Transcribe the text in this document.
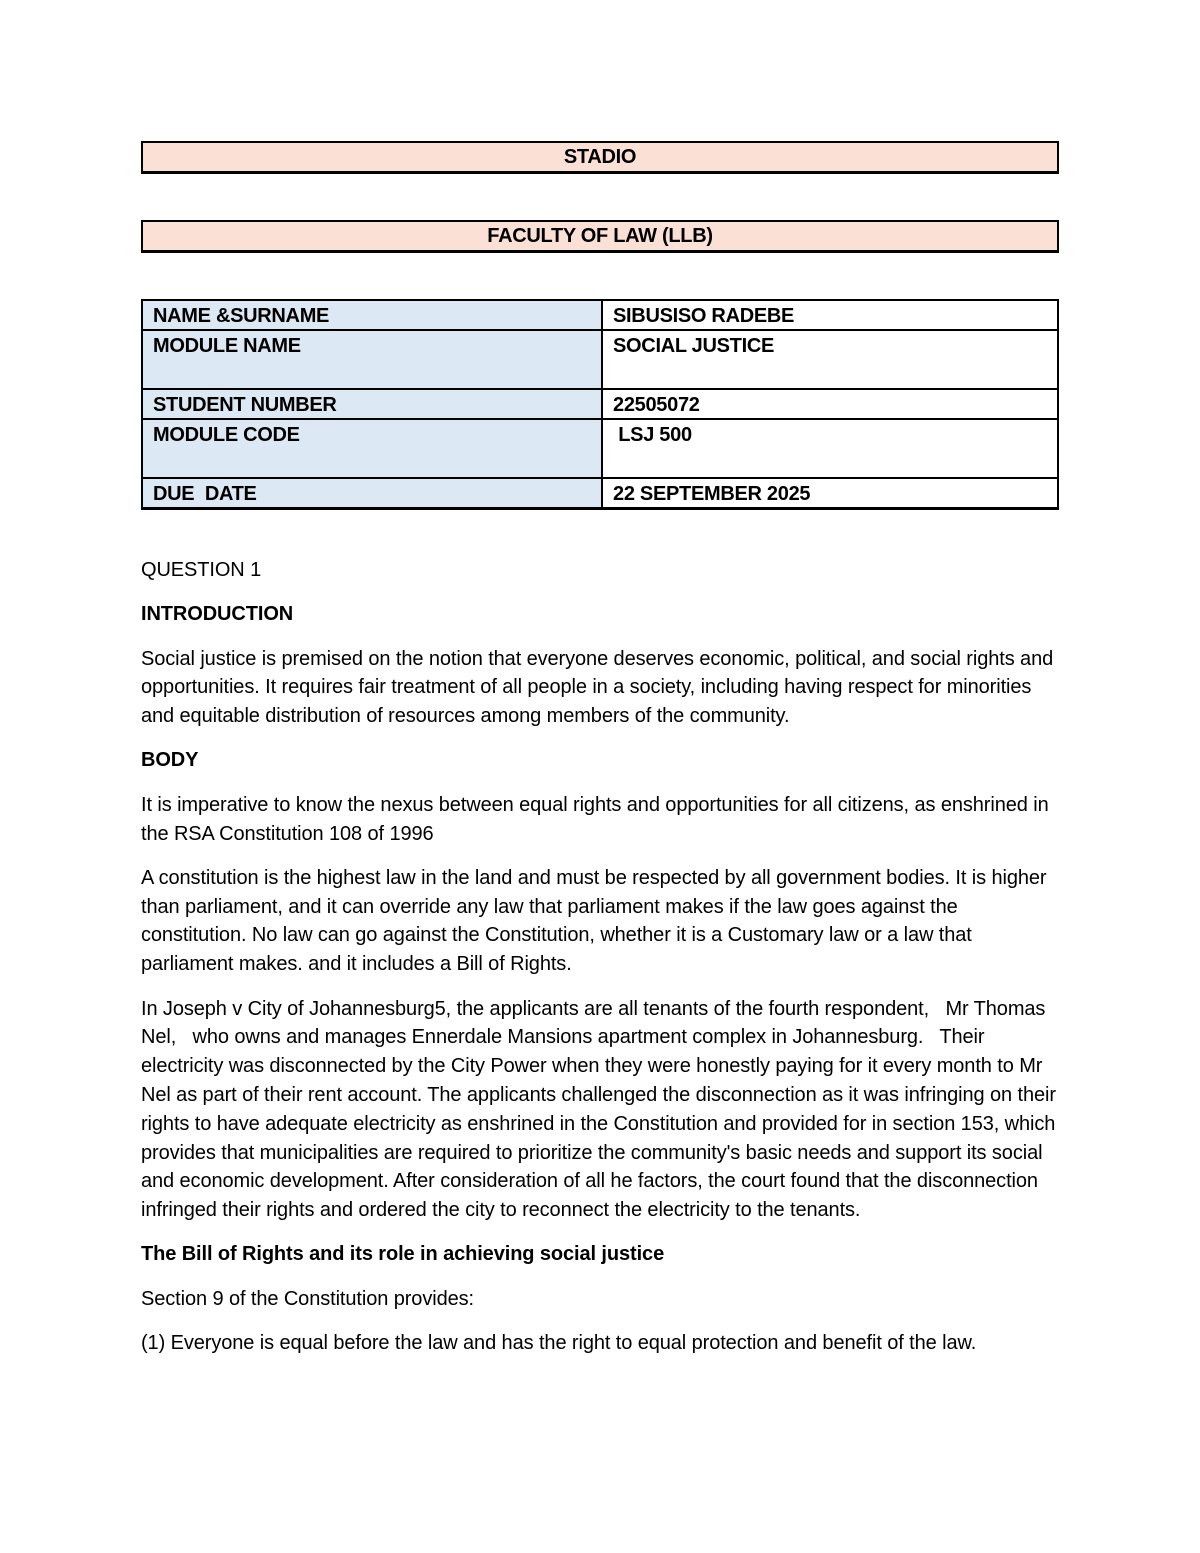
STADIO
FACULTY OF LAW (LLB)
NAME &SURNAME	SIBUSISO RADEBE
MODULE NAME	SOCIAL JUSTICE
STUDENT NUMBER	22505072
MODULE CODE	LSJ 500
DUE  DATE	22 SEPTEMBER 2025

QUESTION 1

INTRODUCTION

Social justice is premised on the notion that everyone deserves economic, political, and social rights and opportunities. It requires fair treatment of all people in a society, including having respect for minorities and equitable distribution of resources among members of the community.

BODY

It is imperative to know the nexus between equal rights and opportunities for all citizens, as enshrined in the RSA Constitution 108 of 1996

A constitution is the highest law in the land and must be respected by all government bodies. It is higher than parliament, and it can override any law that parliament makes if the law goes against the constitution. No law can go against the Constitution, whether it is a Customary law or a law that parliament makes. and it includes a Bill of Rights.

In Joseph v City of Johannesburg5, the applicants are all tenants of the fourth respondent,   Mr Thomas   Nel,   who owns and manages Ennerdale Mansions apartment complex in Johannesburg.   Their electricity was disconnected by the City Power when they were honestly paying for it every month to Mr Nel as part of their rent account. The applicants challenged the disconnection as it was infringing on their rights to have adequate electricity as enshrined in the Constitution and provided for in section 153, which provides that municipalities are required to prioritize the community's basic needs and support its social and economic development. After consideration of all he factors, the court found that the disconnection infringed their rights and ordered the city to reconnect the electricity to the tenants.

The Bill of Rights and its role in achieving social justice

Section 9 of the Constitution provides:

(1) Everyone is equal before the law and has the right to equal protection and benefit of the law.
